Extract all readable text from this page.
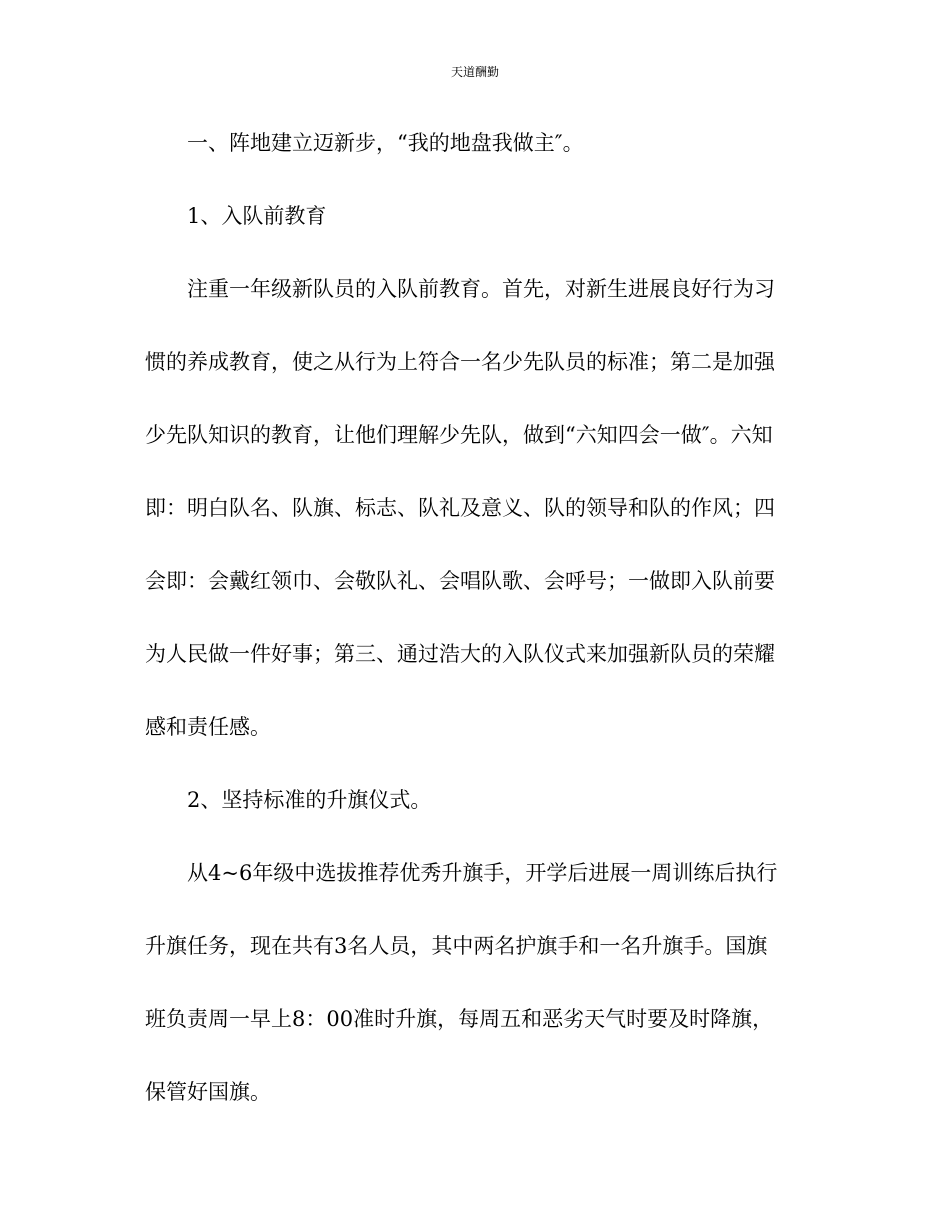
天道酬勤
一、阵地建立迈新步，“我的地盘我做主″。
1、入队前教育
注重一年级新队员的入队前教育。首先，对新生进展良好行为习
惯的养成教育，使之从行为上符合一名少先队员的标准；第二是加强
少先队知识的教育，让他们理解少先队，做到“六知四会一做″。六知
即：明白队名、队旗、标志、队礼及意义、队的领导和队的作风；四
会即：会戴红领巾、会敬队礼、会唱队歌、会呼号；一做即入队前要
为人民做一件好事；第三、通过浩大的入队仪式来加强新队员的荣耀
感和责任感。
2、坚持标准的升旗仪式。
从4~6年级中选拔推荐优秀升旗手，开学后进展一周训练后执行
升旗任务，现在共有3名人员，其中两名护旗手和一名升旗手。国旗
班负责周一早上8：00准时升旗，每周五和恶劣天气时要及时降旗，
保管好国旗。
